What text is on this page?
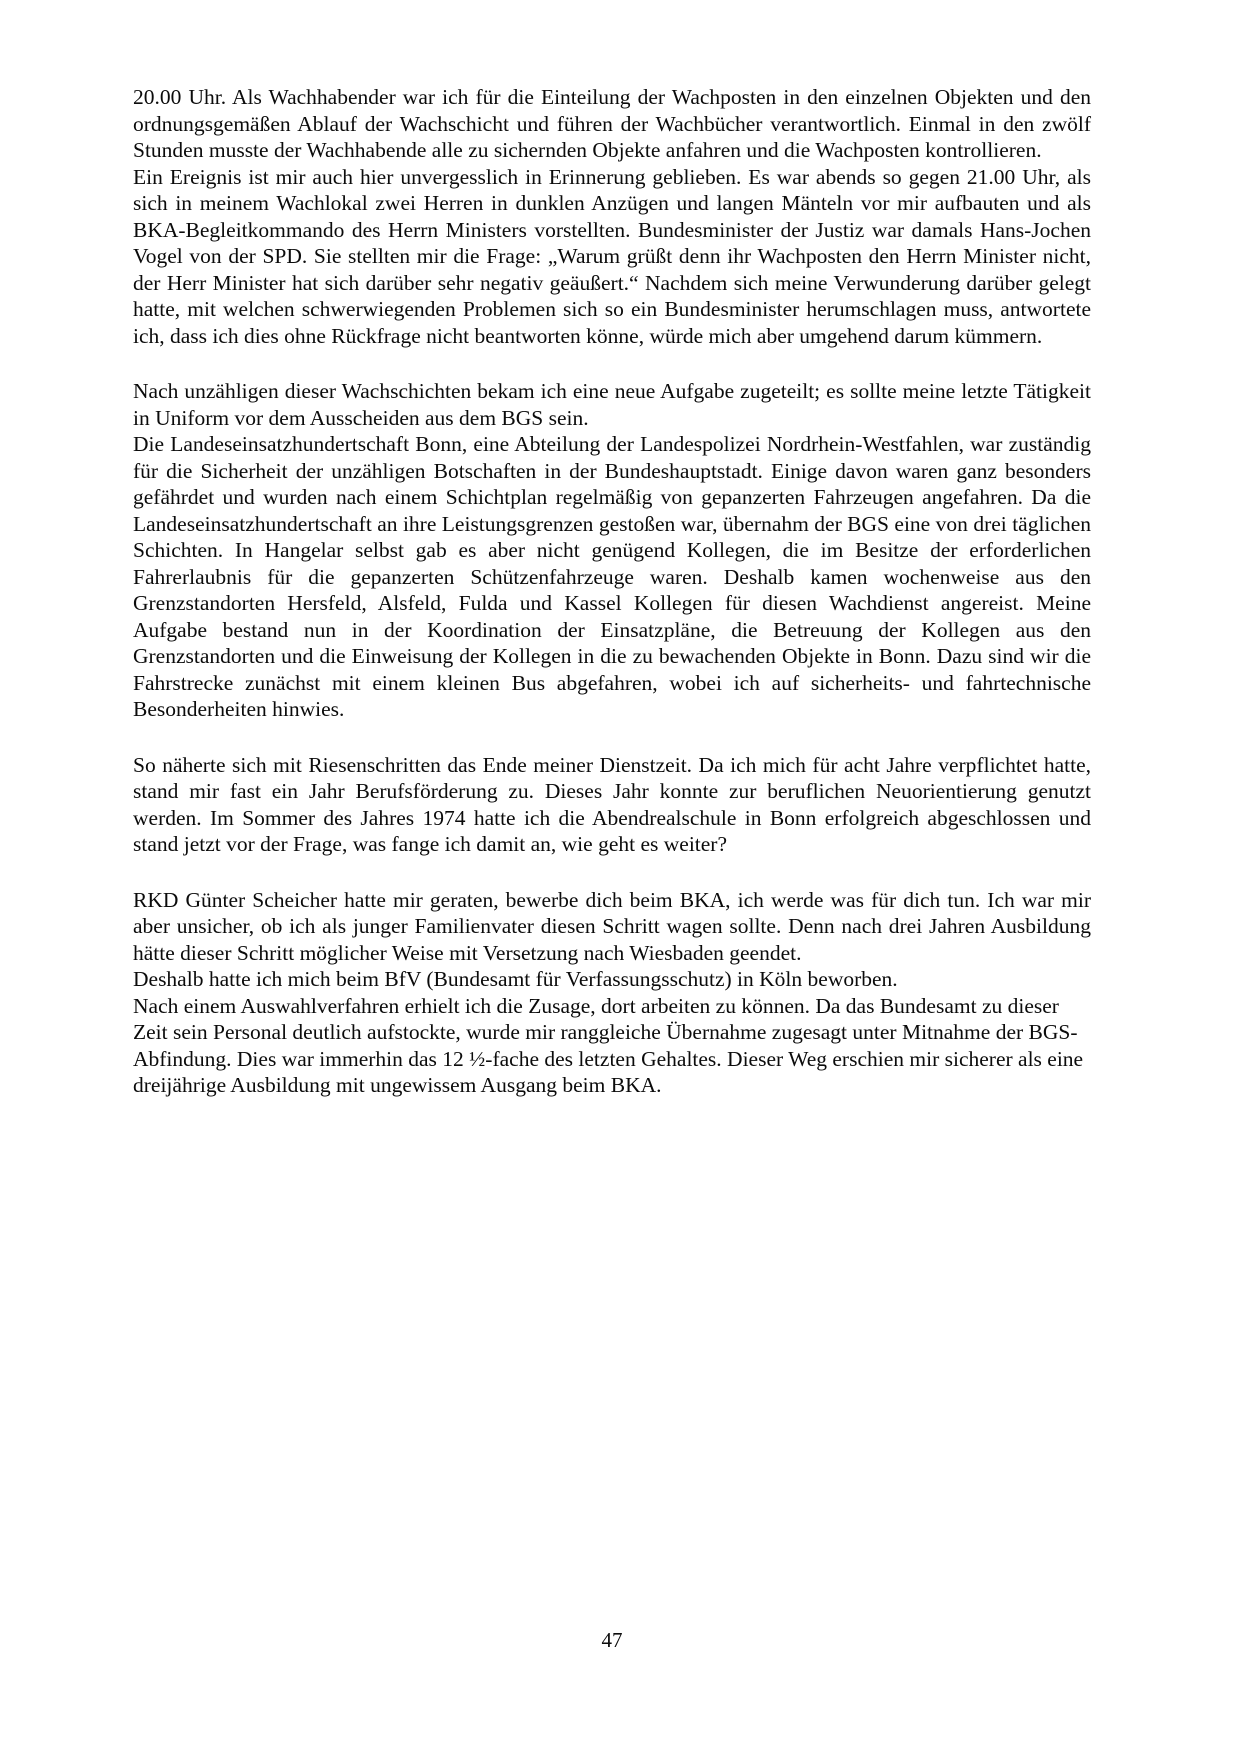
20.00 Uhr. Als Wachhabender war ich für die Einteilung der Wachposten in den einzelnen Objekten und den ordnungsgemäßen Ablauf der Wachschicht und führen der Wachbücher verantwortlich. Einmal in den zwölf Stunden musste der Wachhabende alle zu sichernden Objekte anfahren und die Wachposten kontrollieren.

Ein Ereignis ist mir auch hier unvergesslich in Erinnerung geblieben. Es war abends so gegen 21.00 Uhr, als sich in meinem Wachlokal zwei Herren in dunklen Anzügen und langen Mänteln vor mir aufbauten und als BKA-Begleitkommando des Herrn Ministers vorstellten. Bundesminister der Justiz war damals Hans-Jochen Vogel von der SPD. Sie stellten mir die Frage: „Warum grüßt denn ihr Wachposten den Herrn Minister nicht, der Herr Minister hat sich darüber sehr negativ geäußert.“ Nachdem sich meine Verwunderung darüber gelegt hatte, mit welchen schwerwiegenden Problemen sich so ein Bundesminister herumschlagen muss, antwortete ich, dass ich dies ohne Rückfrage nicht beantworten könne, würde mich aber umgehend darum kümmern.

Nach unzähligen dieser Wachschichten bekam ich eine neue Aufgabe zugeteilt; es sollte meine letzte Tätigkeit in Uniform vor dem Ausscheiden aus dem BGS sein.

Die Landeseinsatzhundertschaft Bonn, eine Abteilung der Landespolizei Nordrhein-Westfahlen, war zuständig für die Sicherheit der unzähligen Botschaften in der Bundeshauptstadt. Einige davon waren ganz besonders gefährdet und wurden nach einem Schichtplan regelmäßig von gepanzerten Fahrzeugen angefahren. Da die Landeseinsatzhundertschaft an ihre Leistungsgrenzen gestoßen war, übernahm der BGS eine von drei täglichen Schichten. In Hangelar selbst gab es aber nicht genügend Kollegen, die im Besitze der erforderlichen Fahrerlaubnis für die gepanzerten Schützenfahrzeuge waren. Deshalb kamen wochenweise aus den Grenzstandorten Hersfeld, Alsfeld, Fulda und Kassel Kollegen für diesen Wachdienst angereist. Meine Aufgabe bestand nun in der Koordination der Einsatzpläne, die Betreuung der Kollegen aus den Grenzstandorten und die Einweisung der Kollegen in die zu bewachenden Objekte in Bonn. Dazu sind wir die Fahrstrecke zunächst mit einem kleinen Bus abgefahren, wobei ich auf sicherheits- und fahrtechnische Besonderheiten hinwies.

So näherte sich mit Riesenschritten das Ende meiner Dienstzeit. Da ich mich für acht Jahre verpflichtet hatte, stand mir fast ein Jahr Berufsförderung zu. Dieses Jahr konnte zur beruflichen Neuorientierung genutzt werden. Im Sommer des Jahres 1974 hatte ich die Abendrealschule in Bonn erfolgreich abgeschlossen und stand jetzt vor der Frage, was fange ich damit an, wie geht es weiter?

RKD Günter Scheicher hatte mir geraten, bewerbe dich beim BKA, ich werde was für dich tun. Ich war mir aber unsicher, ob ich als junger Familienvater diesen Schritt wagen sollte. Denn nach drei Jahren Ausbildung hätte dieser Schritt möglicher Weise mit Versetzung nach Wiesbaden geendet.

Deshalb hatte ich mich beim BfV (Bundesamt für Verfassungsschutz) in Köln beworben.

Nach einem Auswahlverfahren erhielt ich die Zusage, dort arbeiten zu können. Da das Bundesamt zu dieser Zeit sein Personal deutlich aufstockte, wurde mir ranggleiche Übernahme zugesagt unter Mitnahme der BGS-Abfindung. Dies war immerhin das 12 ½-fache des letzten Gehaltes. Dieser Weg erschien mir sicherer als eine dreijährige Ausbildung mit ungewissem Ausgang beim BKA.

47
